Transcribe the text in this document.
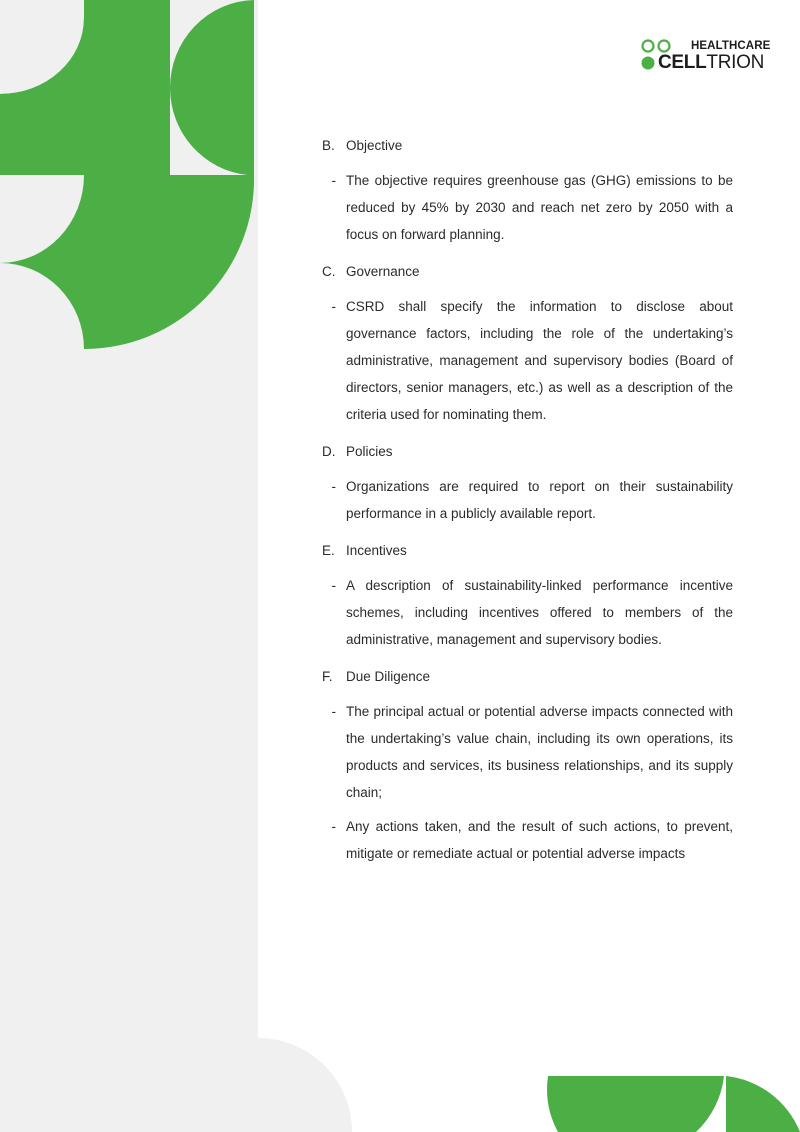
HEALTHCARE
CELLTRION
B. Objective
- The objective requires greenhouse gas (GHG) emissions to be reduced by 45% by 2030 and reach net zero by 2050 with a focus on forward planning.
C. Governance
- CSRD shall specify the information to disclose about governance factors, including the role of the undertaking’s administrative, management and supervisory bodies (Board of directors, senior managers, etc.) as well as a description of the criteria used for nominating them.
D. Policies
- Organizations are required to report on their sustainability performance in a publicly available report.
E. Incentives
- A description of sustainability-linked performance incentive schemes, including incentives offered to members of the administrative, management and supervisory bodies.
F. Due Diligence
- The principal actual or potential adverse impacts connected with the undertaking’s value chain, including its own operations, its products and services, its business relationships, and its supply chain;
- Any actions taken, and the result of such actions, to prevent, mitigate or remediate actual or potential adverse impacts
